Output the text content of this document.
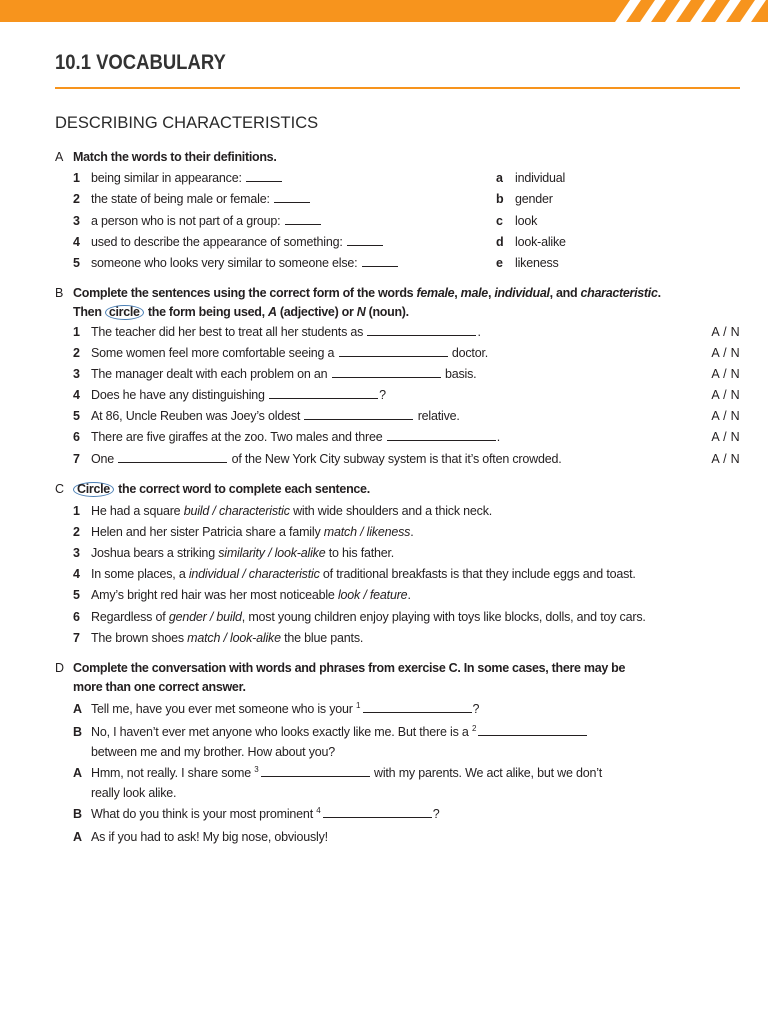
10.1 VOCABULARY
DESCRIBING CHARACTERISTICS
A Match the words to their definitions.
1 being similar in appearance:	a individual
2 the state of being male or female:	b gender
3 a person who is not part of a group:	c look
4 used to describe the appearance of something:	d look-alike
5 someone who looks very similar to someone else:	e likeness
B Complete the sentences using the correct form of the words female, male, individual, and characteristic.
Then circle the form being used, A (adjective) or N (noun).
1 The teacher did her best to treat all her students as	.	A / N
2 Some women feel more comfortable seeing a	doctor.	A / N
3 The manager dealt with each problem on an	basis.	A / N
4 Does he have any distinguishing	?	A / N
5 At 86, Uncle Reuben was Joey’s oldest	relative.	A / N
6 There are five giraffes at the zoo. Two males and three	.	A / N
7 One	of the New York City subway system is that it’s often crowded.	A / N
C	Circle the correct word to complete each sentence.
1 He had a square build / characteristic with wide shoulders and a thick neck.
2 Helen and her sister Patricia share a family match / likeness.
3 Joshua bears a striking similarity / look-alike to his father.
4 In some places, a individual / characteristic of traditional breakfasts is that they include eggs and toast.
5 Amy’s bright red hair was her most noticeable look / feature.
6 Regardless of gender / build, most young children enjoy playing with toys like blocks, dolls, and toy cars.
7 The brown shoes match / look-alike the blue pants.
D Complete the conversation with words and phrases from exercise C. In some cases, there may be
more than one correct answer.
A Tell me, have you ever met someone who is your $^1$	?
B No, I haven’t ever met anyone who looks exactly like me. But there is a $^2$
between me and my brother. How about you?
A Hmm, not really. I share some $^3$	with my parents. We act alike, but we don’t
really look alike.
B What do you think is your most prominent $^4$	?
A As if you had to ask! My big nose, obviously!
